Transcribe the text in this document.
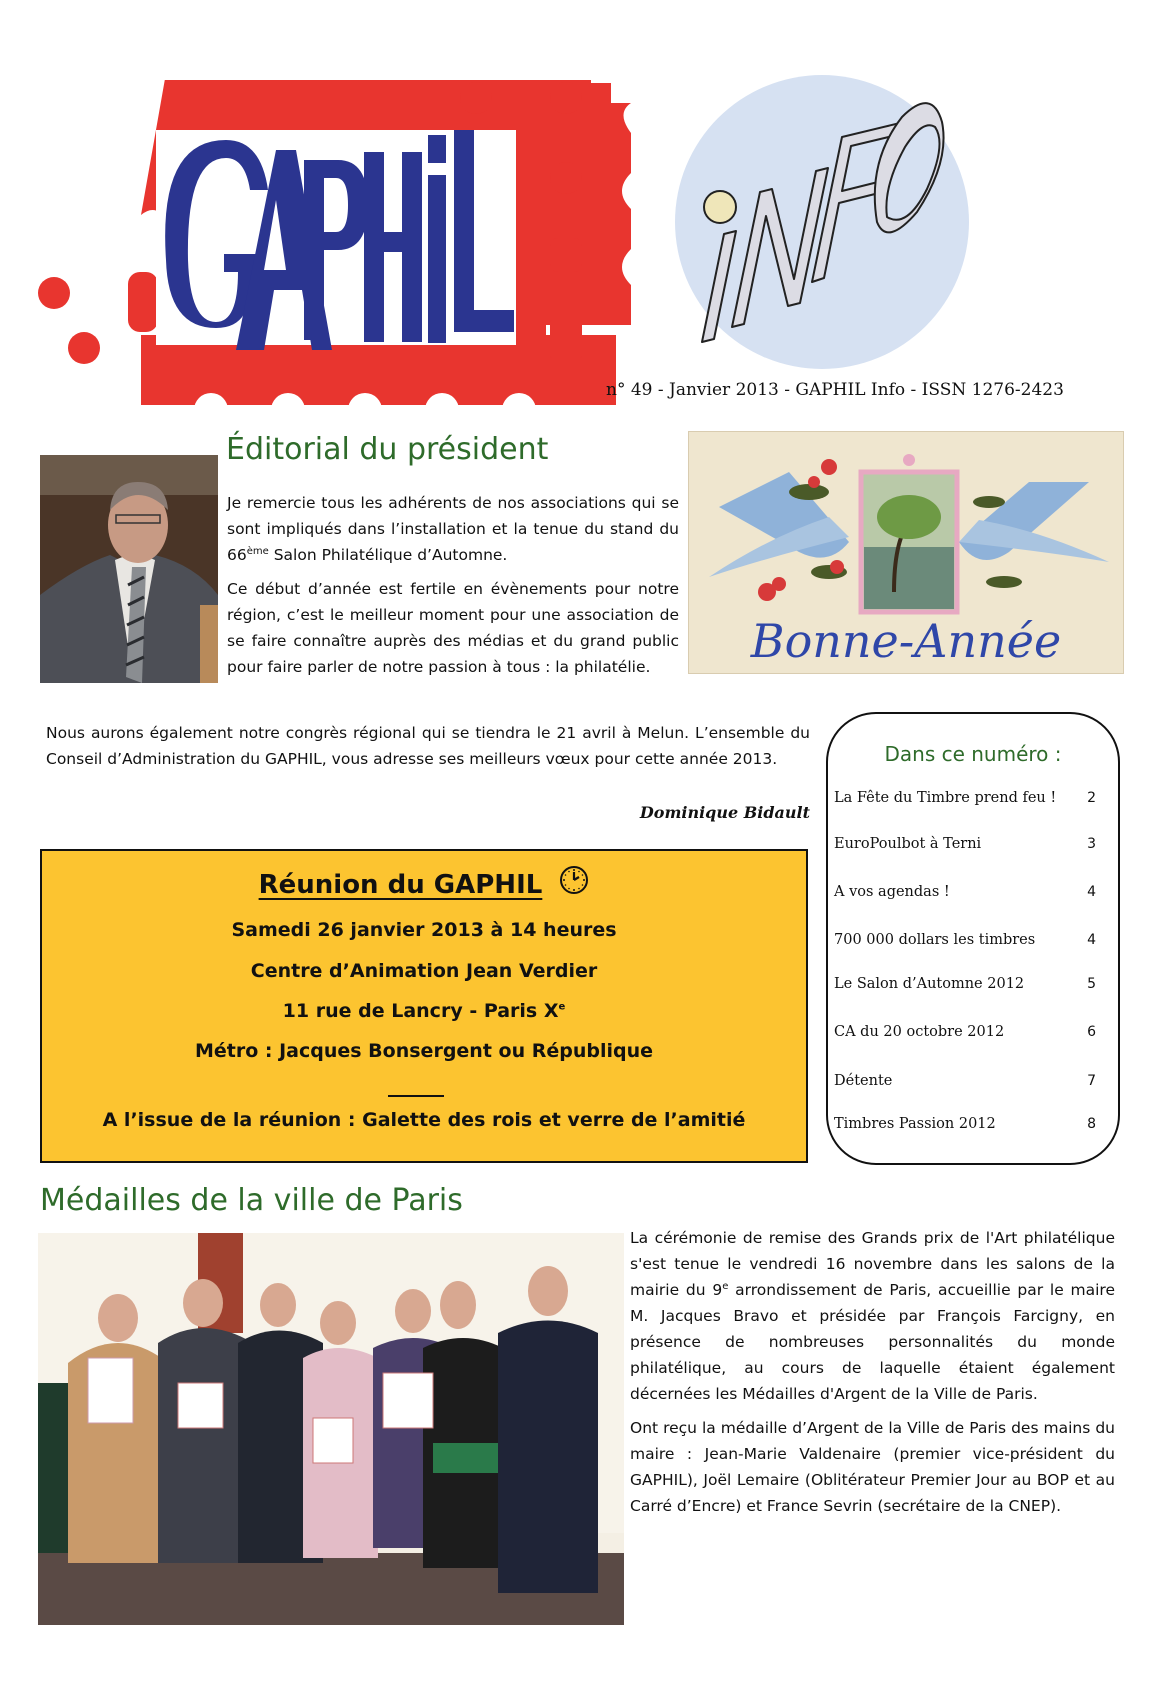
n° 49 - Janvier 2013 - GAPHIL Info - ISSN 1276-2423
Éditorial du président

Je remercie tous les adhérents de nos associations qui se sont impliqués dans l’installation et la tenue du stand du 66ème Salon Philatélique d’Automne.

Ce début d’année est fertile en évènements pour notre région, c’est le meilleur moment pour une association de se faire connaître auprès des médias et du grand public pour faire parler de notre passion à tous : la philatélie.	Bonne-Année

Nous aurons également notre congrès régional qui se tiendra le 21 avril à Melun. L’ensemble du Conseil d’Administration du GAPHIL, vous adresse ses meilleurs vœux pour cette année 2013.

Dominique Bidault
Réunion du GAPHIL
Samedi 26 janvier 2013 à 14 heures
Centre d’Animation Jean Verdier
11 rue de Lancry - Paris Xe
Métro : Jacques Bonsergent ou République
A l’issue de la réunion : Galette des rois et verre de l’amitié
Dans ce numéro :
La Fête du Timbre prend feu ! 2
EuroPoulbot à Terni	3
A vos agendas !	4
700 000 dollars les timbres	4
Le Salon d’Automne 2012	5
CA du 20 octobre 2012	6
Détente	7
Timbres Passion 2012	8
Médailles de la ville de Paris

La cérémonie de remise des Grands prix de l'Art philatélique s'est tenue le vendredi 16 novembre dans les salons de la mairie du 9e arrondissement de Paris, accueillie par le maire M. Jacques Bravo et présidée par François Farcigny, en présence de nombreuses personnalités du monde philatélique, au cours de laquelle étaient également décernées les Médailles d'Argent de la Ville de Paris.

Ont reçu la médaille d’Argent de la Ville de Paris des mains du maire : Jean-Marie Valdenaire (premier vice-président du GAPHIL), Joël Lemaire (Oblitérateur Premier Jour au BOP et au Carré d’Encre) et France Sevrin (secrétaire de la CNEP).
